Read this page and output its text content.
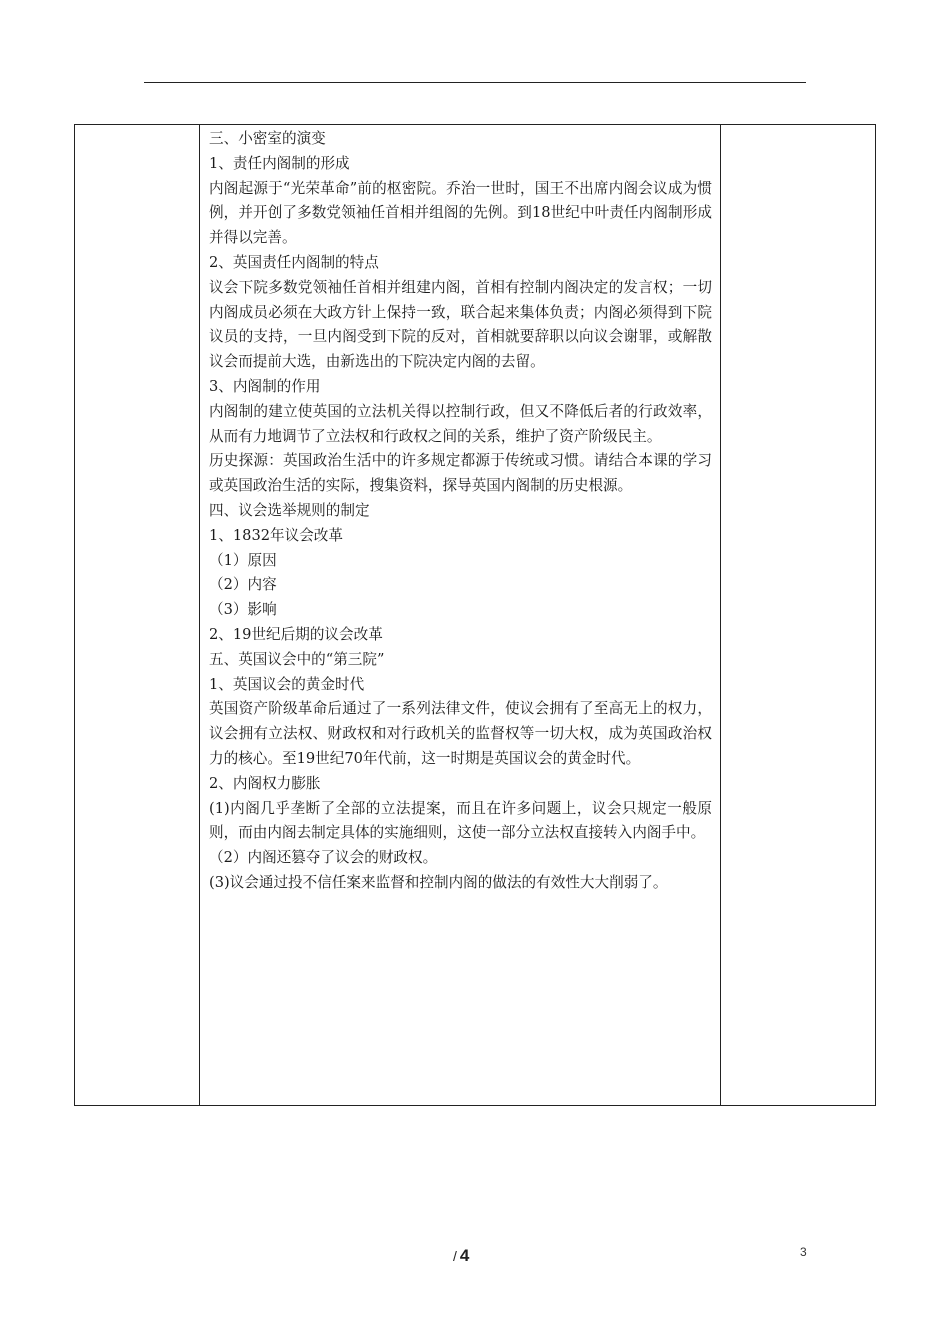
三、小密室的演变

1、责任内阁制的形成

内阁起源于“光荣革命”前的枢密院。乔治一世时，国王不出席内阁会议成为惯例，并开创了多数党领袖任首相并组阁的先例。到18世纪中叶责任内阁制形成并得以完善。

2、英国责任内阁制的特点

议会下院多数党领袖任首相并组建内阁，首相有控制内阁决定的发言权；一切内阁成员必须在大政方针上保持一致，联合起来集体负责；内阁必须得到下院议员的支持，一旦内阁受到下院的反对，首相就要辞职以向议会谢罪，或解散议会而提前大选，由新选出的下院决定内阁的去留。

3、内阁制的作用

内阁制的建立使英国的立法机关得以控制行政，但又不降低后者的行政效率，从而有力地调节了立法权和行政权之间的关系，维护了资产阶级民主。

历史探源：英国政治生活中的许多规定都源于传统或习惯。请结合本课的学习或英国政治生活的实际，搜集资料，探导英国内阁制的历史根源。

四、议会选举规则的制定

1、1832年议会改革

（1）原因

（2）内容

（3）影响

2、19世纪后期的议会改革

五、英国议会中的“第三院”

1、英国议会的黄金时代

英国资产阶级革命后通过了一系列法律文件，使议会拥有了至高无上的权力，议会拥有立法权、财政权和对行政机关的监督权等一切大权，成为英国政治权力的核心。至19世纪70年代前，这一时期是英国议会的黄金时代。

2、内阁权力膨胀

(1)内阁几乎垄断了全部的立法提案，而且在许多问题上，议会只规定一般原则，而由内阁去制定具体的实施细则，这使一部分立法权直接转入内阁手中。

（2）内阁还篡夺了议会的财政权。

(3)议会通过投不信任案来监督和控制内阁的做法的有效性大大削弱了。

/ 4	3
